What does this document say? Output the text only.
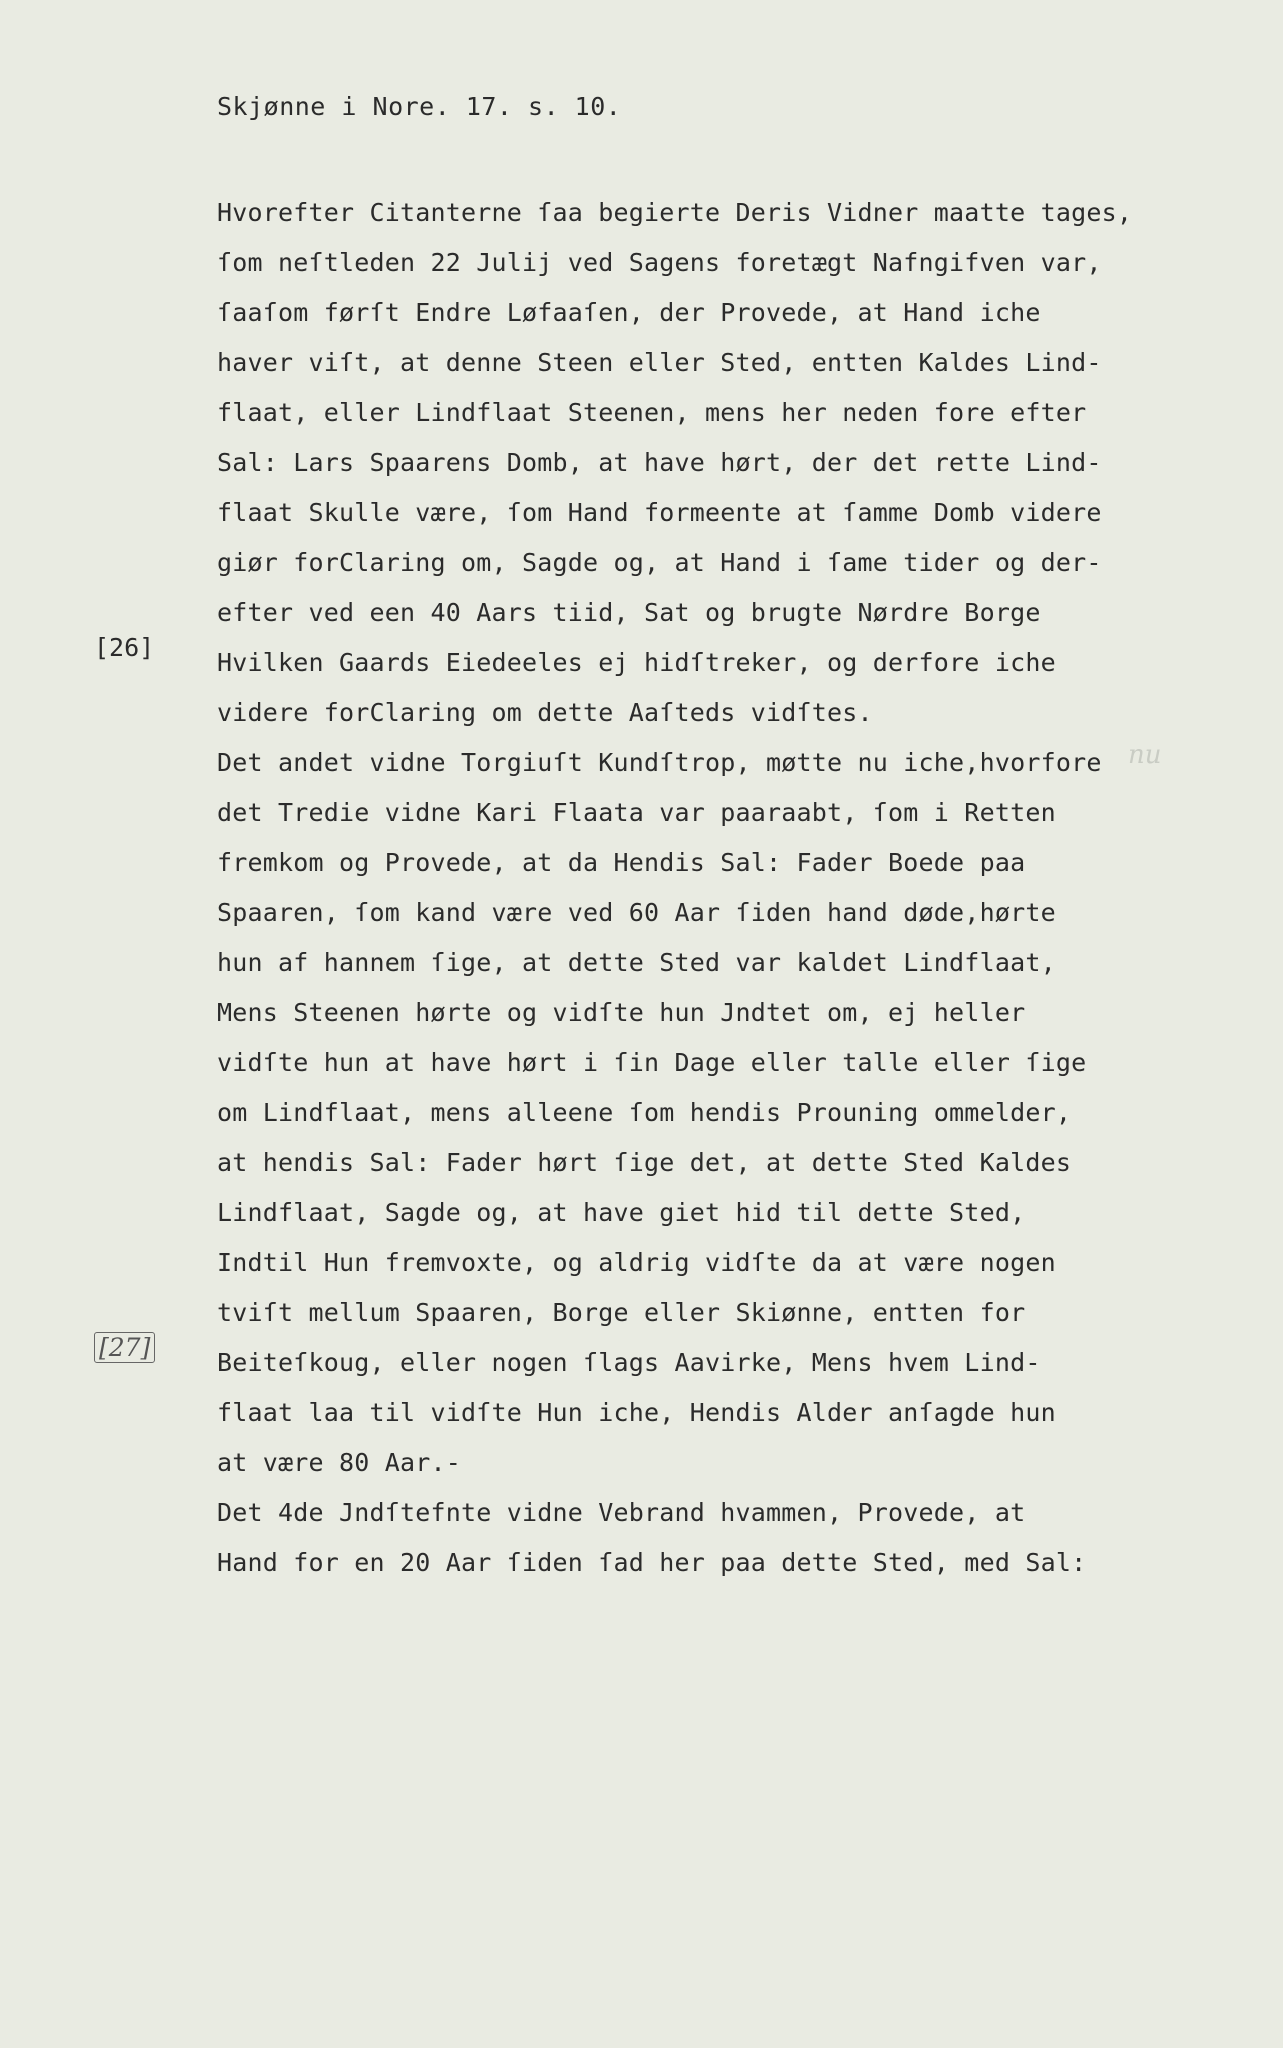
Skjønne i Nore. 17. s. 10.
Hvorefter Citanterne ſaa begierte Deris Vidner maatte tages,
ſom neſtleden 22 Julij ved Sagens foretægt Nafngifven var,
ſaaſom førſt Endre Løfaaſen, der Provede, at Hand iche
haver viſt, at denne Steen eller Sted, entten Kaldes Lind-
flaat, eller Lindflaat Steenen, mens her neden fore efter
Sal: Lars Spaarens Domb, at have hørt, der det rette Lind-
flaat Skulle være, ſom Hand formeente at ſamme Domb videre
giør forClaring om, Sagde og, at Hand i ſame tider og der-
efter ved een 40 Aars tiid, Sat og brugte Nørdre Borge
Hvilken Gaards Eiedeeles ej hidſtreker, og derfore iche
videre forClaring om dette Aaſteds vidſtes.
Det andet vidne Torgiuſt Kundſtrop, møtte nu iche,hvorfore
det Tredie vidne Kari Flaata var paaraabt, ſom i Retten
fremkom og Provede, at da Hendis Sal: Fader Boede paa
Spaaren, ſom kand være ved 60 Aar ſiden hand døde,hørte
hun af hannem ſige, at dette Sted var kaldet Lindflaat,
Mens Steenen hørte og vidſte hun Jndtet om, ej heller
vidſte hun at have hørt i ſin Dage eller talle eller ſige
om Lindflaat, mens alleene ſom hendis Prouning ommelder,
at hendis Sal: Fader hørt ſige det, at dette Sted Kaldes
Lindflaat, Sagde og, at have giet hid til dette Sted,
Indtil Hun fremvoxte, og aldrig vidſte da at være nogen
tviſt mellum Spaaren, Borge eller Skiønne, entten for
Beiteſkoug, eller nogen ſlags Aavirke, Mens hvem Lind-
flaat laa til vidſte Hun iche, Hendis Alder anſagde hun
at være 80 Aar.-
Det 4de Jndſtefnte vidne Vebrand hvammen, Provede, at
Hand for en 20 Aar ſiden ſad her paa dette Sted, med Sal:
[26]
[27]
nu
